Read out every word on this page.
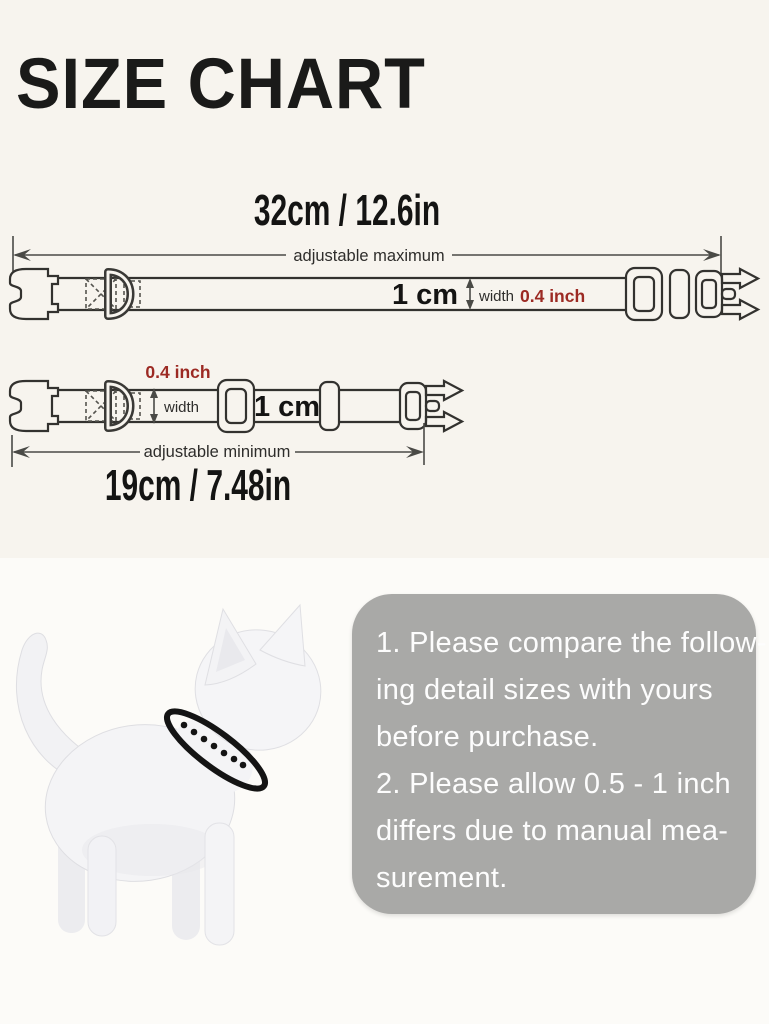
SIZE CHART
32cm / 12.6in
adjustable maximum
1 cm width 0.4 inch
0.4 inch
width 1 cm
adjustable minimum
19cm / 7.48in
1. Please compare the follow-
ing detail sizes with yours
before purchase.
2. Please allow 0.5 - 1 inch
differs due to manual mea-
surement.
